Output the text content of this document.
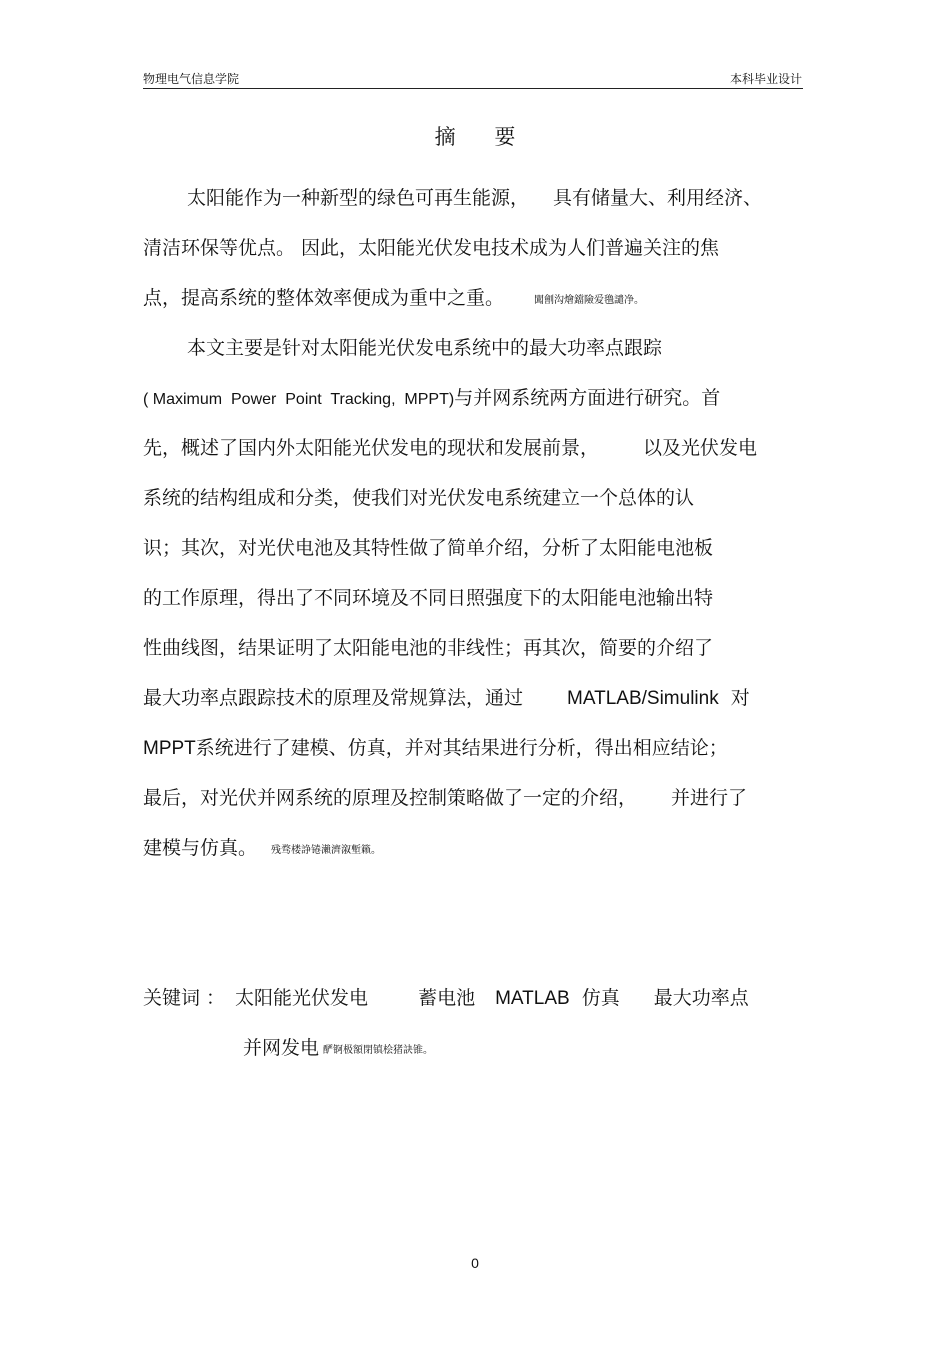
物理电气信息学院	本科毕业设计
摘 要
太阳能作为一种新型的绿色可再生能源， 具有储量大、利用经济、
清洁环保等优点。 因此，太阳能光伏发电技术成为人们普遍关注的焦
点，提高系统的整体效率便成为重中之重。	闖劊沟燴鐺險爱氇譴净。
本文主要是针对太阳能光伏发电系统中的最大功率点跟踪
( Maximum  Power  Point  Tracking,  MPPT)与并网系统两方面进行研究。首
先，概述了国内外太阳能光伏发电的现状和发展前景， 以及光伏发电
系统的结构组成和分类，使我们对光伏发电系统建立一个总体的认
识；其次，对光伏电池及其特性做了简单介绍，分析了太阳能电池板
的工作原理，得出了不同环境及不同日照强度下的太阳能电池输出特
性曲线图，结果证明了太阳能电池的非线性；再其次，简要的介绍了
最大功率点跟踪技术的原理及常规算法，通过 MATLAB/Simulink 对
MPPT系统进行了建模、仿真，并对其结果进行分析，得出相应结论；
最后，对光伏并网系统的原理及控制策略做了一定的介绍， 并进行了
建模与仿真。 残骛楼諍锩瀨濟溆塹籟。
关键词 ： 太阳能光伏发电	蓄电池 MATLAB 仿真 最大功率点
并网发电 酽锕极額閉镇桧猪訣锥。
0
